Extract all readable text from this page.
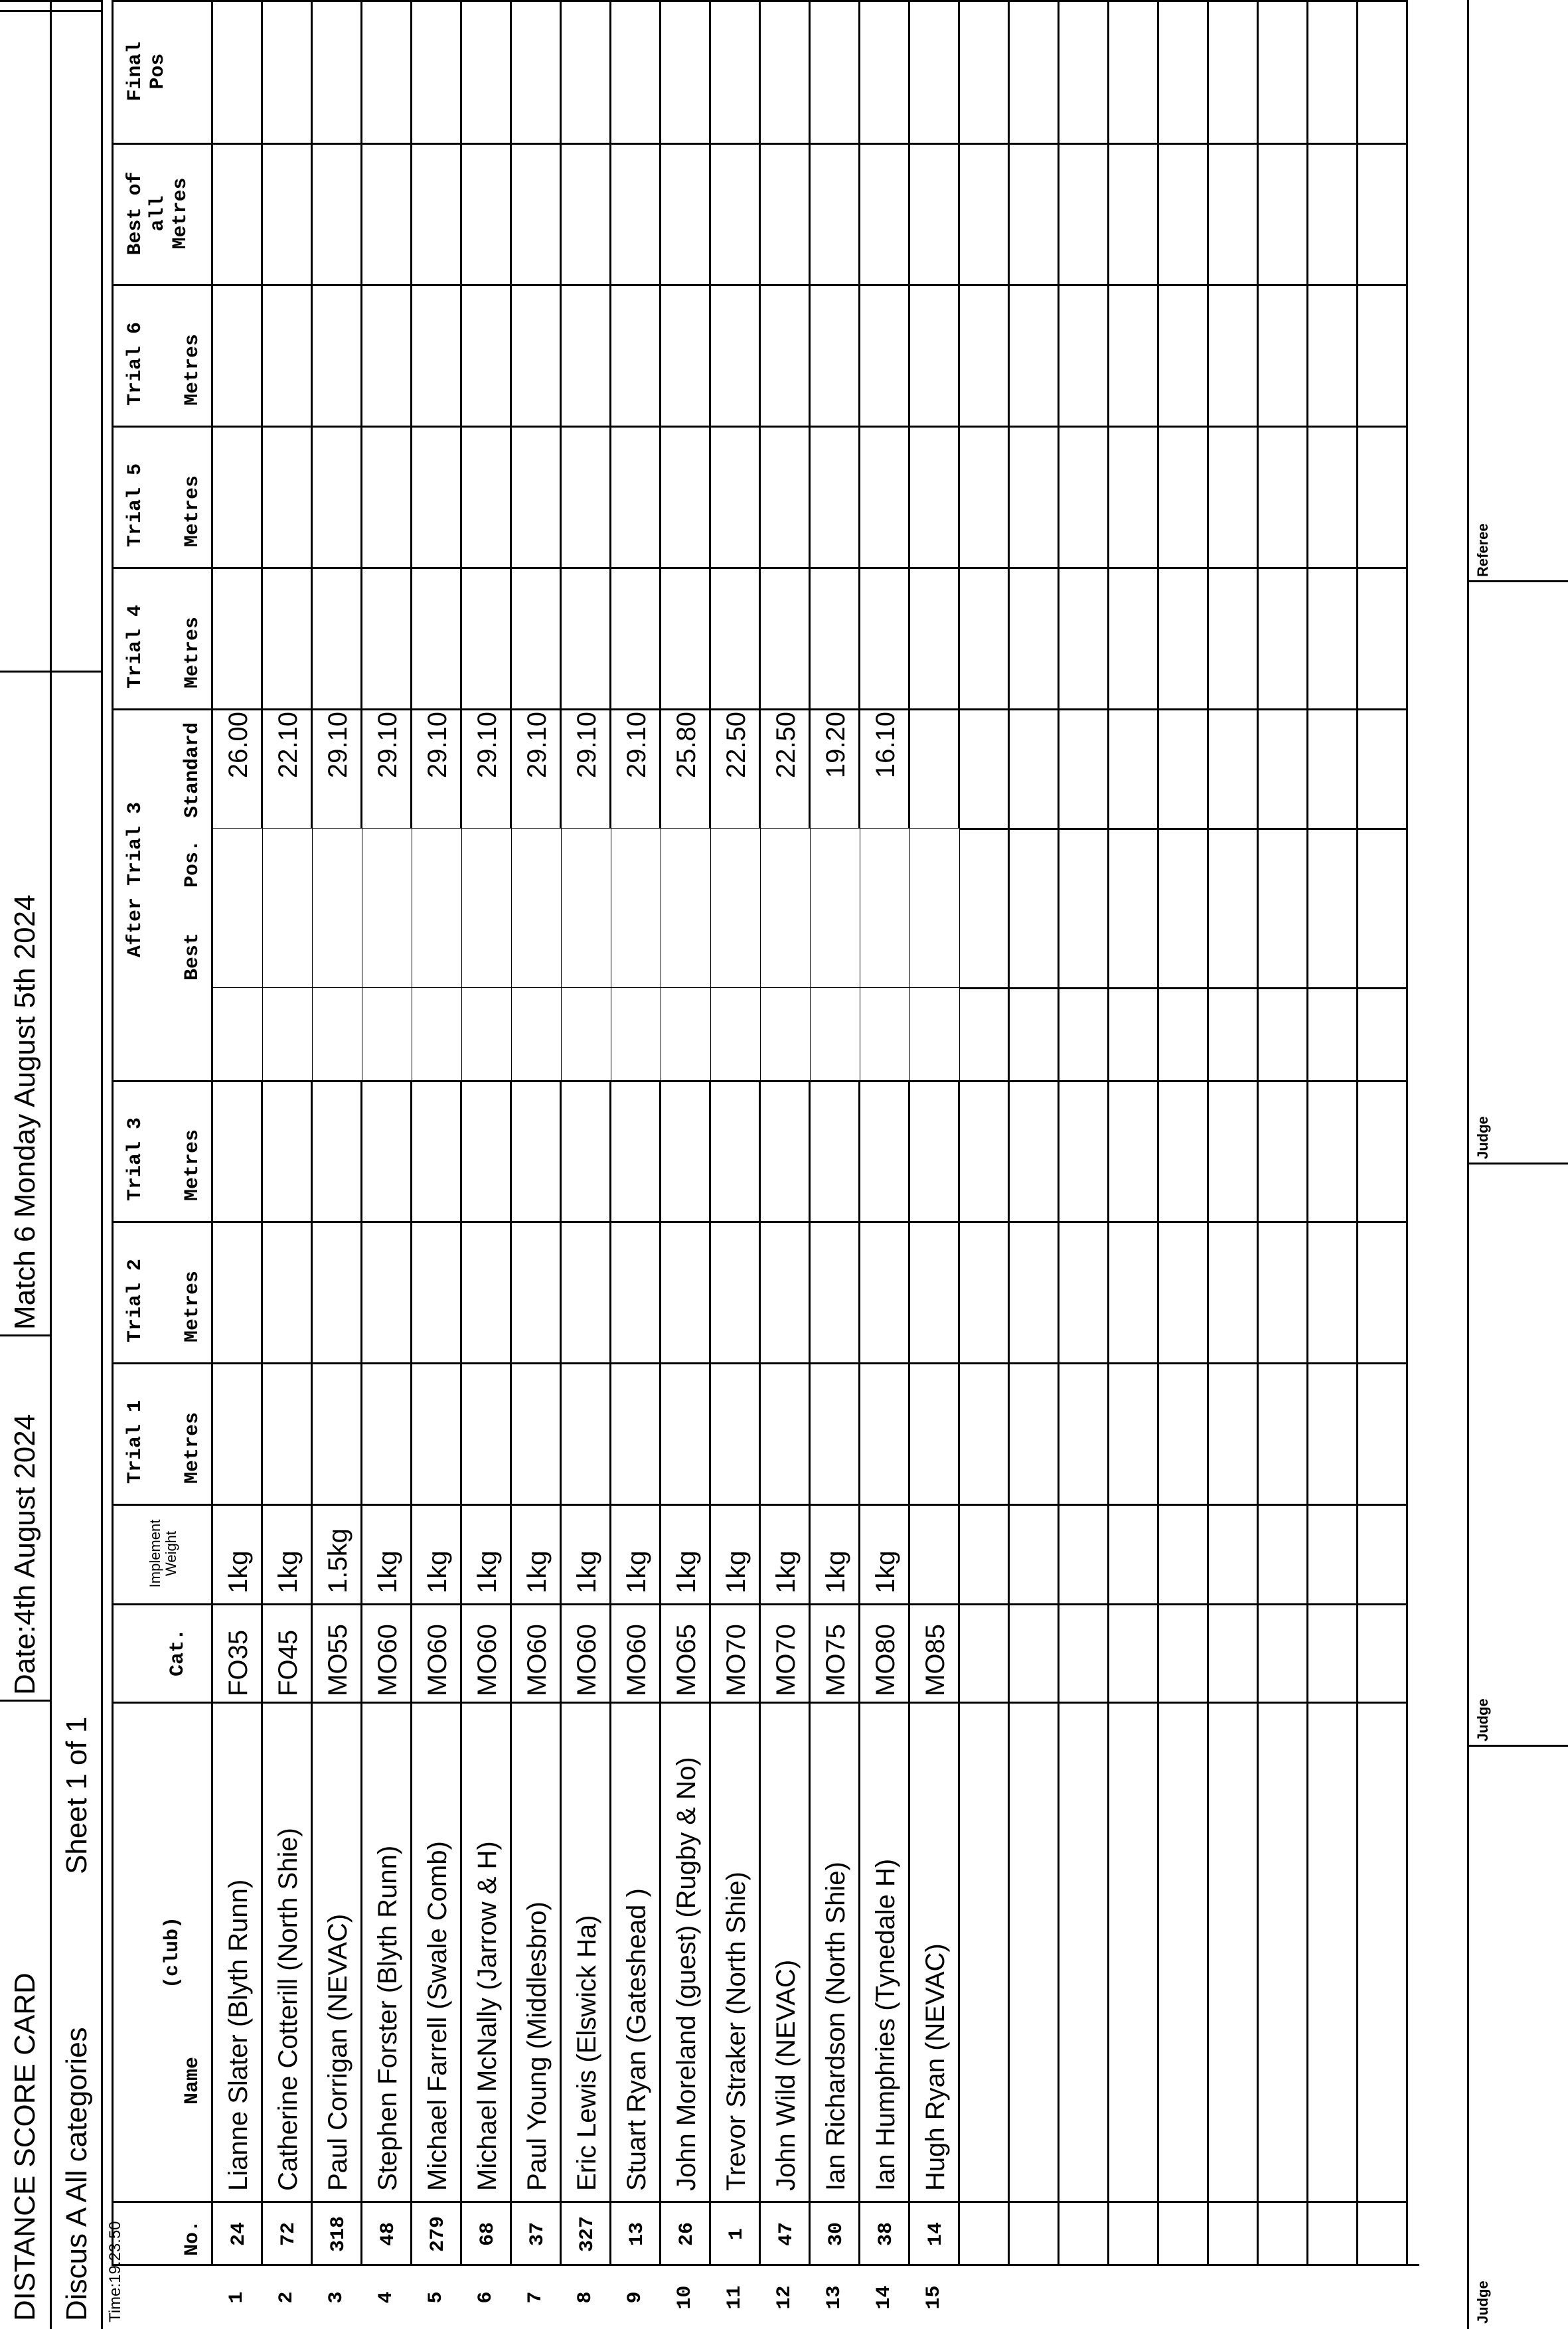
DISTANCE SCORE CARD
Date:4th August 2024
Match 6 Monday August 5th 2024
Discus A All categories
Sheet 1 of 1
Time:19:23:50	No.
Name
(club)
Cat.
Implement Weight
Trial 1 Metres
Trial 2 Metres
Trial 3 Metres
After Trial 3 Best
Pos.
Standard
Trial 4 Metres
Trial 5 Metres
Trial 6 Metres
Best of all Metres
Final Pos
24
Lianne Slater (Blyth Runn)
FO35
1kg
26.00
72
Catherine Cotterill (North Shie)
FO45
1kg
22.10
318
Paul Corrigan (NEVAC)
MO55
1.5kg
29.10
48
Stephen Forster (Blyth Runn)
MO60
1kg
29.10
279
Michael Farrell (Swale Comb)
MO60
1kg
29.10
68
Michael McNally (Jarrow & H)
MO60
1kg
29.10
37
Paul Young (Middlesbro)
MO60
1kg
29.10
327
Eric Lewis (Elswick Ha)
MO60
1kg
29.10
13
Stuart Ryan (Gateshead )
MO60
1kg
29.10
26
John Moreland (guest) (Rugby & No)
MO65
1kg
25.80
1
Trevor Straker (North Shie)
MO70
1kg
22.50
47
John Wild (NEVAC)
MO70
1kg
22.50
30
Ian Richardson (North Shie)
MO75
1kg
19.20
38
Ian Humphries (Tynedale H)
MO80
1kg
16.10
14
Hugh Ryan (NEVAC)
MO85
Judge
Judge
Judge
Referee
1 2 3 4 5 6 7 8 9 10 11 12 13 14 15
